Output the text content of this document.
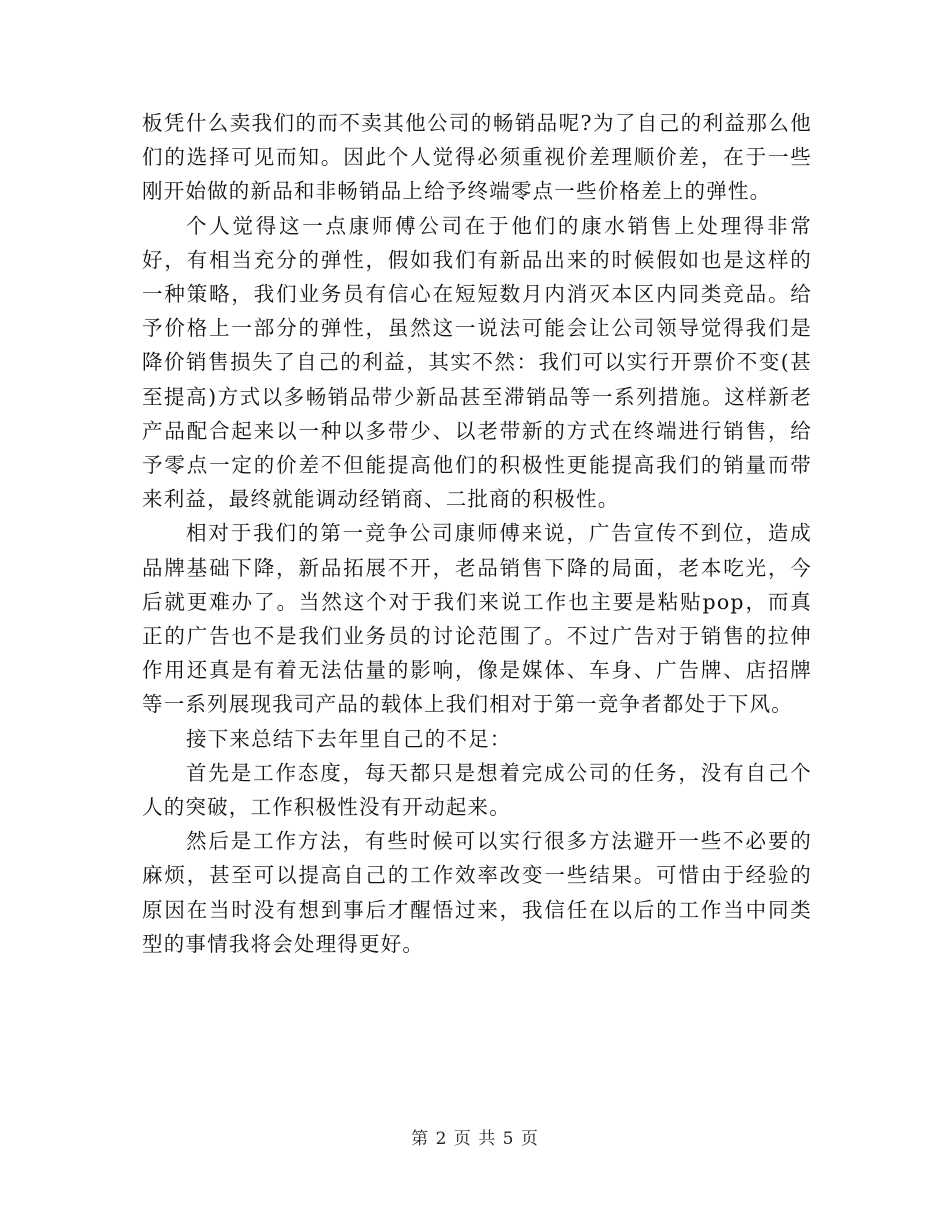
板凭什么卖我们的而不卖其他公司的畅销品呢?为了自己的利益那么他们的选择可见而知。因此个人觉得必须重视价差理顺价差，在于一些刚开始做的新品和非畅销品上给予终端零点一些价格差上的弹性。

个人觉得这一点康师傅公司在于他们的康水销售上处理得非常好，有相当充分的弹性，假如我们有新品出来的时候假如也是这样的一种策略，我们业务员有信心在短短数月内消灭本区内同类竞品。给予价格上一部分的弹性，虽然这一说法可能会让公司领导觉得我们是降价销售损失了自己的利益，其实不然：我们可以实行开票价不变(甚至提高)方式以多畅销品带少新品甚至滞销品等一系列措施。这样新老产品配合起来以一种以多带少、以老带新的方式在终端进行销售，给予零点一定的价差不但能提高他们的积极性更能提高我们的销量而带来利益，最终就能调动经销商、二批商的积极性。

相对于我们的第一竞争公司康师傅来说，广告宣传不到位，造成品牌基础下降，新品拓展不开，老品销售下降的局面，老本吃光，今后就更难办了。当然这个对于我们来说工作也主要是粘贴pop，而真正的广告也不是我们业务员的讨论范围了。不过广告对于销售的拉伸作用还真是有着无法估量的影响，像是媒体、车身、广告牌、店招牌等一系列展现我司产品的载体上我们相对于第一竞争者都处于下风。

接下来总结下去年里自己的不足：

首先是工作态度，每天都只是想着完成公司的任务，没有自己个人的突破，工作积极性没有开动起来。

然后是工作方法，有些时候可以实行很多方法避开一些不必要的麻烦，甚至可以提高自己的工作效率改变一些结果。可惜由于经验的原因在当时没有想到事后才醒悟过来，我信任在以后的工作当中同类型的事情我将会处理得更好。

第 2 页 共 5 页
